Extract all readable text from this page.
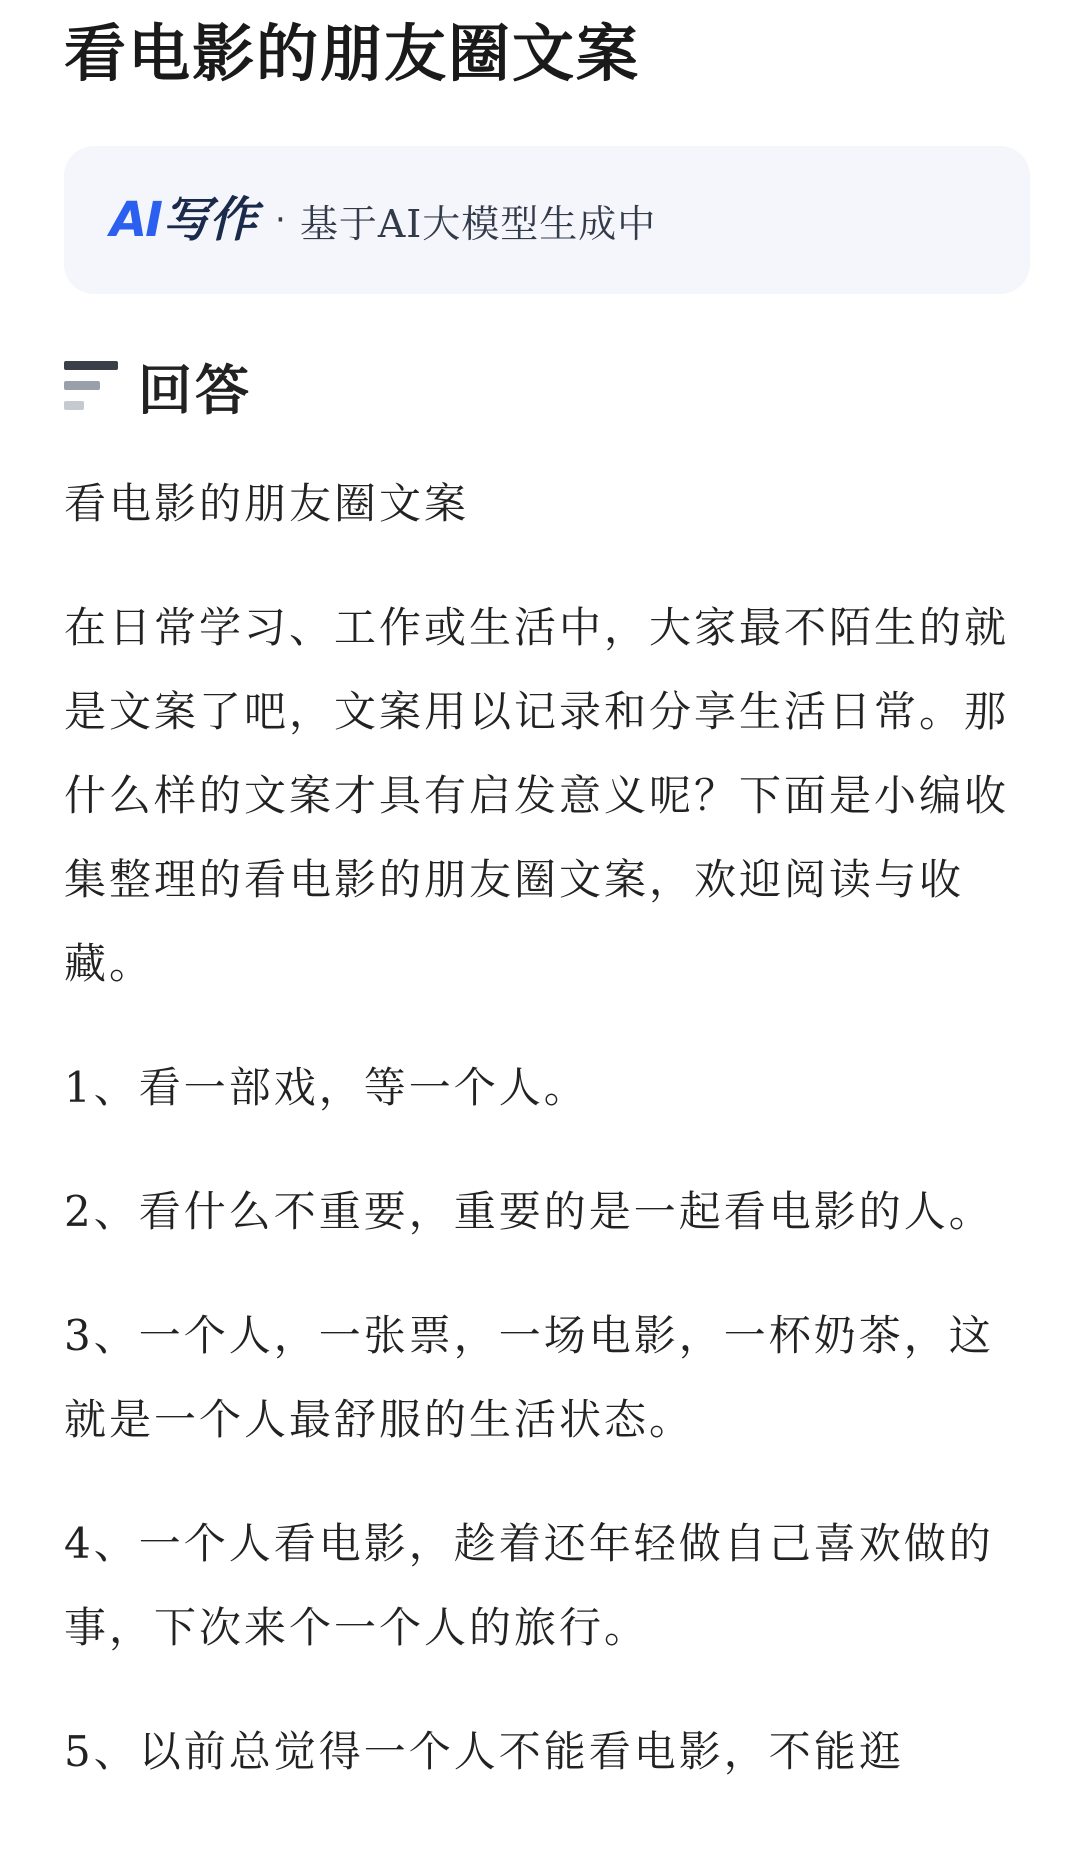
看电影的朋友圈文案
AI 写作 · 基于AI大模型生成中
回答

看电影的朋友圈文案

在日常学习、工作或生活中，大家最不陌生的就是文案了吧，文案用以记录和分享生活日常。那什么样的文案才具有启发意义呢？下面是小编收集整理的看电影的朋友圈文案，欢迎阅读与收藏。

1、看一部戏，等一个人。

2、看什么不重要，重要的是一起看电影的人。

3、一个人，一张票，一场电影，一杯奶茶，这就是一个人最舒服的生活状态。

4、一个人看电影，趁着还年轻做自己喜欢做的事，下次来个一个人的旅行。

5、以前总觉得一个人不能看电影，不能逛
